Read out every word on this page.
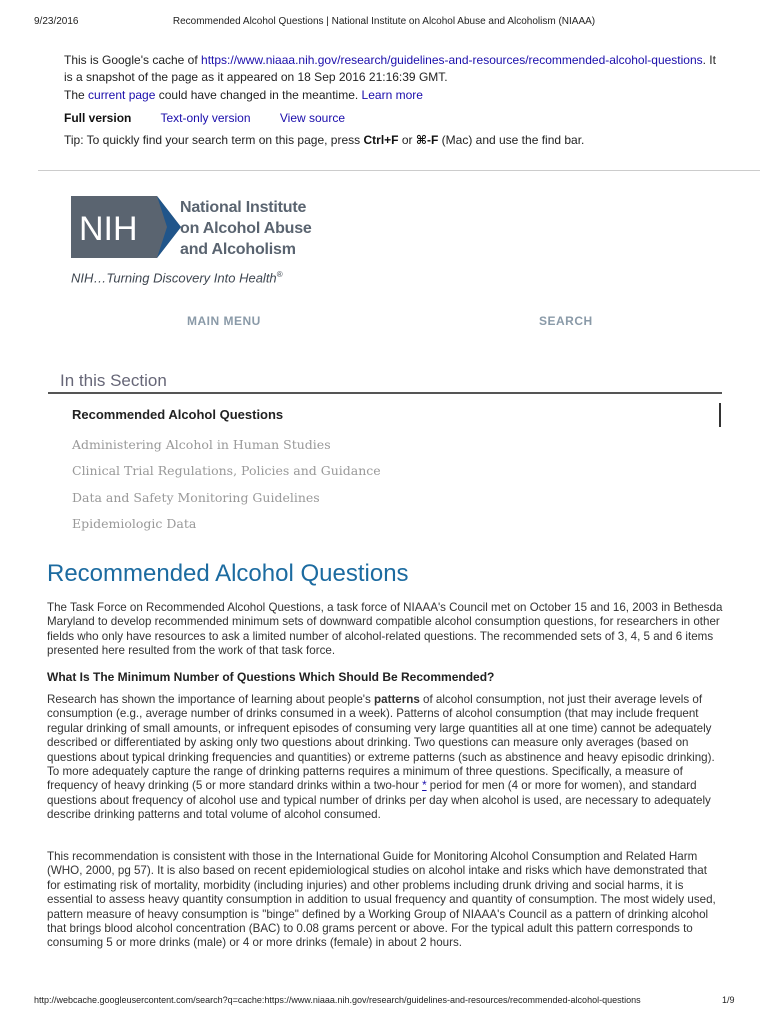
9/23/2016	Recommended Alcohol Questions | National Institute on Alcohol Abuse and Alcoholism (NIAAA)
This is Google's cache of https://www.niaaa.nih.gov/research/guidelines-and-resources/recommended-alcohol-questions. It is a snapshot of the page as it appeared on 18 Sep 2016 21:16:39 GMT.
The current page could have changed in the meantime. Learn more
Full version Text-only version View source
Tip: To quickly find your search term on this page, press Ctrl+F or ⌘-F (Mac) and use the find bar.
NIH
National Institute
on Alcohol Abuse
and Alcoholism
NIH…Turning Discovery Into Health®
MAIN MENU	SEARCH
In this Section
Recommended Alcohol Questions
Administering Alcohol in Human Studies
Clinical Trial Regulations, Policies and Guidance
Data and Safety Monitoring Guidelines
Epidemiologic Data
Recommended Alcohol Questions

The Task Force on Recommended Alcohol Questions, a task force of NIAAA's Council met on October 15 and 16, 2003 in Bethesda Maryland to develop recommended minimum sets of downward compatible alcohol consumption questions, for researchers in other fields who only have resources to ask a limited number of alcohol-related questions. The recommended sets of 3, 4, 5 and 6 items presented here resulted from the work of that task force.

What Is The Minimum Number of Questions Which Should Be Recommended?

Research has shown the importance of learning about people's patterns of alcohol consumption, not just their average levels of consumption (e.g., average number of drinks consumed in a week). Patterns of alcohol consumption (that may include frequent regular drinking of small amounts, or infrequent episodes of consuming very large quantities all at one time) cannot be adequately described or differentiated by asking only two questions about drinking. Two questions can measure only averages (based on questions about typical drinking frequencies and quantities) or extreme patterns (such as abstinence and heavy episodic drinking). To more adequately capture the range of drinking patterns requires a minimum of three questions. Specifically, a measure of frequency of heavy drinking (5 or more standard drinks within a two-hour * period for men (4 or more for women), and standard questions about frequency of alcohol use and typical number of drinks per day when alcohol is used, are necessary to adequately describe drinking patterns and total volume of alcohol consumed.

This recommendation is consistent with those in the International Guide for Monitoring Alcohol Consumption and Related Harm (WHO, 2000, pg 57). It is also based on recent epidemiological studies on alcohol intake and risks which have demonstrated that for estimating risk of mortality, morbidity (including injuries) and other problems including drunk driving and social harms, it is essential to assess heavy quantity consumption in addition to usual frequency and quantity of consumption. The most widely used, pattern measure of heavy consumption is "binge" defined by a Working Group of NIAAA's Council as a pattern of drinking alcohol that brings blood alcohol concentration (BAC) to 0.08 grams percent or above. For the typical adult this pattern corresponds to consuming 5 or more drinks (male) or 4 or more drinks (female) in about 2 hours.

http://webcache.googleusercontent.com/search?q=cache:https://www.niaaa.nih.gov/research/guidelines-and-resources/recommended-alcohol-questions	1/9
